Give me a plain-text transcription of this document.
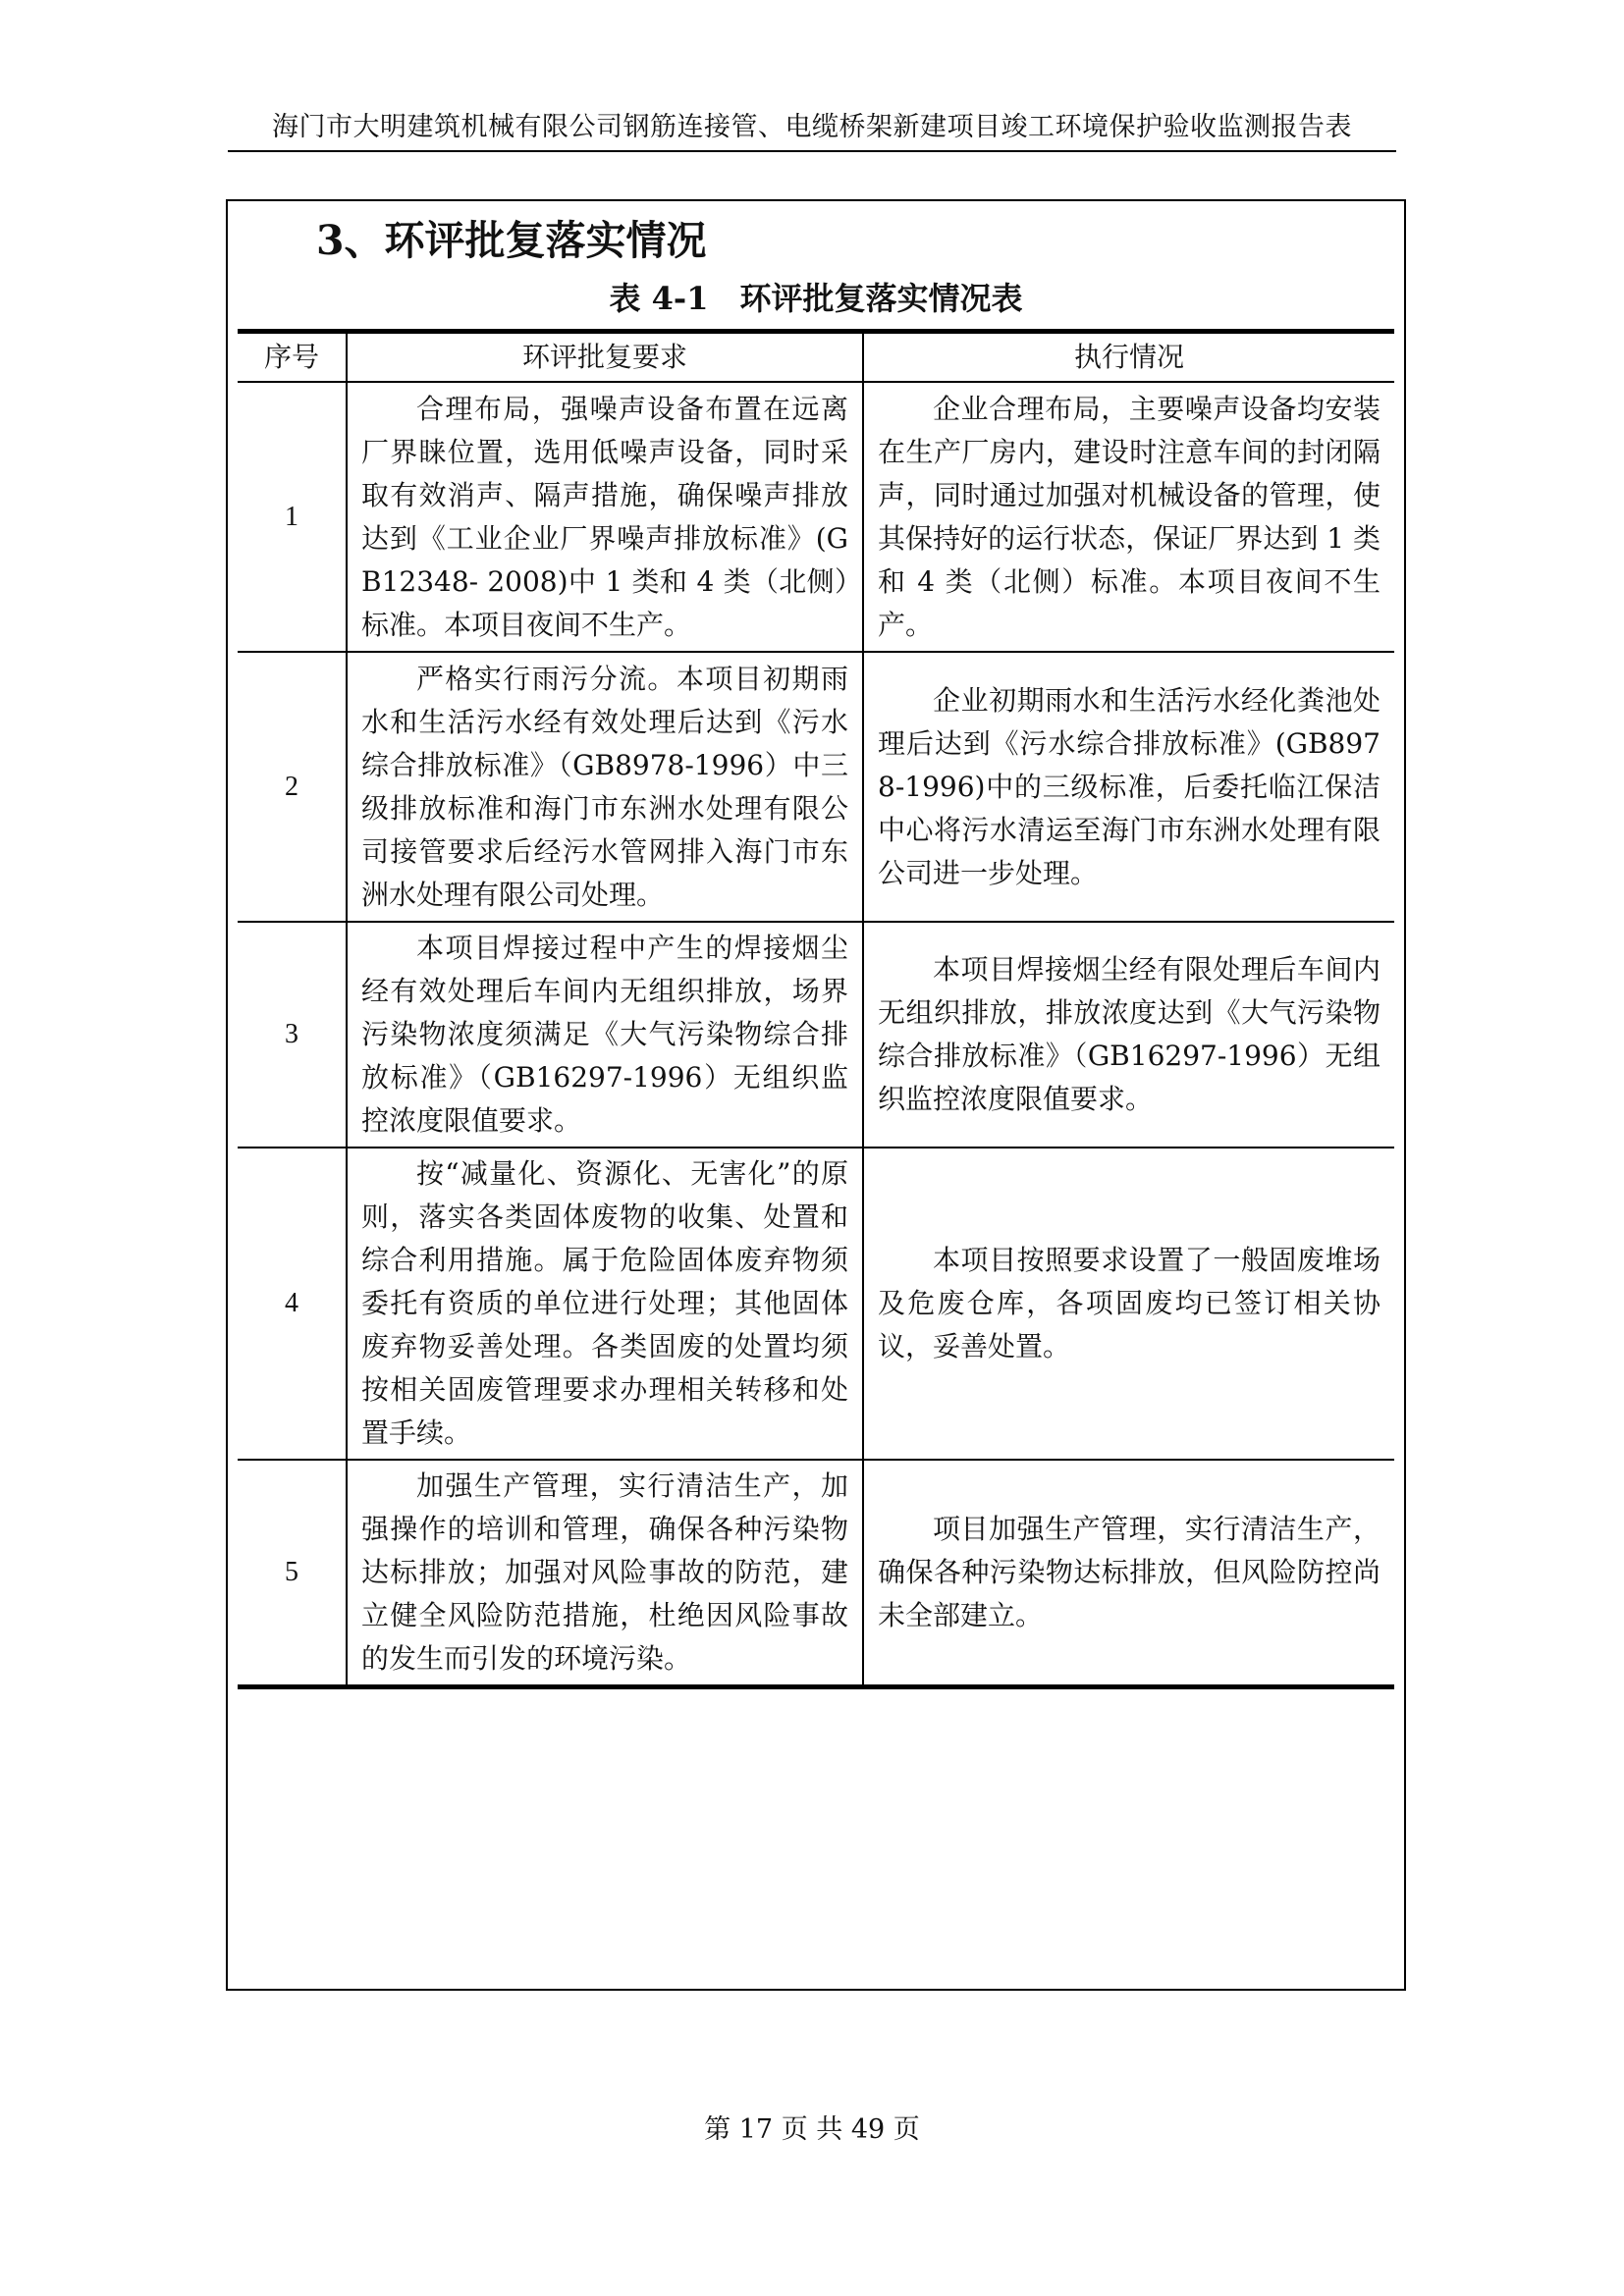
海门市大明建筑机械有限公司钢筋连接管、电缆桥架新建项目竣工环境保护验收监测报告表
3、环评批复落实情况
表 4-1　环评批复落实情况表
序号	环评批复要求	执行情况
1	合理布局，强噪声设备布置在远离厂界睐位置，选用低噪声设备，同时采取有效消声、隔声措施，确保噪声排放达到《工业企业厂界噪声排放标准》(GB12348- 2008)中 1 类和 4 类（北侧）标准。本项目夜间不生产。	企业合理布局，主要噪声设备均安装在生产厂房内，建设时注意车间的封闭隔声，同时通过加强对机械设备的管理，使其保持好的运行状态，保证厂界达到 1 类和 4 类（北侧）标准。本项目夜间不生产。
2	严格实行雨污分流。本项目初期雨水和生活污水经有效处理后达到《污水综合排放标准》（GB8978-1996）中三级排放标准和海门市东洲水处理有限公司接管要求后经污水管网排入海门市东洲水处理有限公司处理。	企业初期雨水和生活污水经化粪池处理后达到《污水综合排放标准》(GB8978-1996)中的三级标准，后委托临江保洁中心将污水清运至海门市东洲水处理有限公司进一步处理。
3	本项目焊接过程中产生的焊接烟尘经有效处理后车间内无组织排放，场界污染物浓度须满足《大气污染物综合排放标准》（GB16297-1996）无组织监控浓度限值要求。	本项目焊接烟尘经有限处理后车间内无组织排放，排放浓度达到《大气污染物综合排放标准》（GB16297-1996）无组织监控浓度限值要求。
4	按“减量化、资源化、无害化”的原则，落实各类固体废物的收集、处置和综合利用措施。属于危险固体废弃物须委托有资质的单位进行处理；其他固体废弃物妥善处理。各类固废的处置均须按相关固废管理要求办理相关转移和处置手续。	本项目按照要求设置了一般固废堆场及危废仓库，各项固废均已签订相关协议，妥善处置。
5	加强生产管理，实行清洁生产，加强操作的培训和管理，确保各种污染物达标排放；加强对风险事故的防范，建立健全风险防范措施，杜绝因风险事故的发生而引发的环境污染。	项目加强生产管理，实行清洁生产，确保各种污染物达标排放，但风险防控尚未全部建立。
第 17 页 共 49 页
